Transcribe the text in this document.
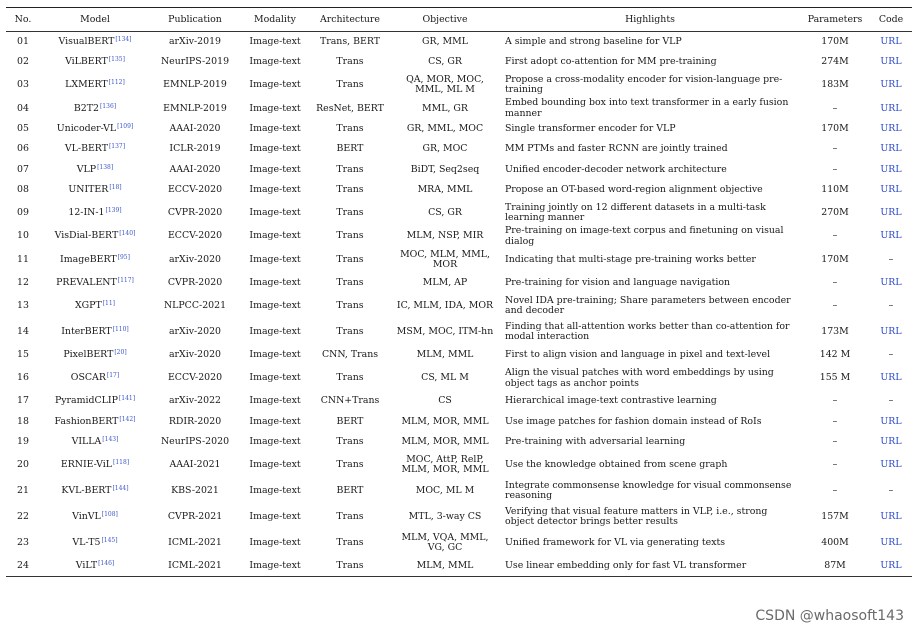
No.	Model	Publication	Modality	Architecture	Objective	Highlights	Parameters	Code
01	VisualBERT[134]	arXiv-2019	Image-text	Trans, BERT	GR, MML	A simple and strong baseline for VLP	170M	URL
02	ViLBERT[135]	NeurIPS-2019	Image-text	Trans	CS, GR	First adopt co-attention for MM pre-training	274M	URL
03	LXMERT[112]	EMNLP-2019	Image-text	Trans	QA, MOR, MOC, MML, ML M	Propose a cross-modality encoder for vision-language pre-training	183M	URL
04	B2T2[136]	EMNLP-2019	Image-text	ResNet, BERT	MML, GR	Embed bounding box into text transformer in a early fusion manner	–	URL
05	Unicoder-VL[109]	AAAI-2020	Image-text	Trans	GR, MML, MOC	Single transformer encoder for VLP	170M	URL
06	VL-BERT[137]	ICLR-2019	Image-text	BERT	GR, MOC	MM PTMs and faster RCNN are jointly trained	–	URL
07	VLP[138]	AAAI-2020	Image-text	Trans	BiDT, Seq2seq	Unified encoder-decoder network architecture	–	URL
08	UNITER[18]	ECCV-2020	Image-text	Trans	MRA, MML	Propose an OT-based word-region alignment objective	110M	URL
09	12-IN-1[139]	CVPR-2020	Image-text	Trans	CS, GR	Training jointly on 12 different datasets in a multi-task learning manner	270M	URL
10	VisDial-BERT[140]	ECCV-2020	Image-text	Trans	MLM, NSP, MIR	Pre-training on image-text corpus and finetuning on visual dialog	–	URL
11	ImageBERT[95]	arXiv-2020	Image-text	Trans	MOC, MLM, MML, MOR	Indicating that multi-stage pre-training works better	170M	–
12	PREVALENT[117]	CVPR-2020	Image-text	Trans	MLM, AP	Pre-training for vision and language navigation	–	URL
13	XGPT[11]	NLPCC-2021	Image-text	Trans	IC, MLM, IDA, MOR	Novel IDA pre-training; Share parameters between encoder and decoder	–	–
14	InterBERT[110]	arXiv-2020	Image-text	Trans	MSM, MOC, ITM-hn	Finding that all-attention works better than co-attention for modal interaction	173M	URL
15	PixelBERT[20]	arXiv-2020	Image-text	CNN, Trans	MLM, MML	First to align vision and language in pixel and text-level	142 M	–
16	OSCAR[17]	ECCV-2020	Image-text	Trans	CS, ML M	Align the visual patches with word embeddings by using object tags as anchor points	155 M	URL
17	PyramidCLIP[141]	arXiv-2022	Image-text	CNN+Trans	CS	Hierarchical image-text contrastive learning	–	–
18	FashionBERT[142]	RDIR-2020	Image-text	BERT	MLM, MOR, MML	Use image patches for fashion domain instead of RoIs	–	URL
19	VILLA[143]	NeurIPS-2020	Image-text	Trans	MLM, MOR, MML	Pre-training with adversarial learning	–	URL
20	ERNIE-ViL[118]	AAAI-2021	Image-text	Trans	MOC, AttP, RelP, MLM, MOR, MML	Use the knowledge obtained from scene graph	–	URL
21	KVL-BERT[144]	KBS-2021	Image-text	BERT	MOC, ML M	Integrate commonsense knowledge for visual commonsense reasoning	–	–
22	VinVL[108]	CVPR-2021	Image-text	Trans	MTL, 3-way CS	Verifying that visual feature matters in VLP, i.e., strong object detector brings better results	157M	URL
23	VL-T5[145]	ICML-2021	Image-text	Trans	MLM, VQA, MML, VG, GC	Unified framework for VL via generating texts	400M	URL
24	ViLT[146]	ICML-2021	Image-text	Trans	MLM, MML	Use linear embedding only for fast VL transformer	87M	URL
CSDN @whaosoft143
